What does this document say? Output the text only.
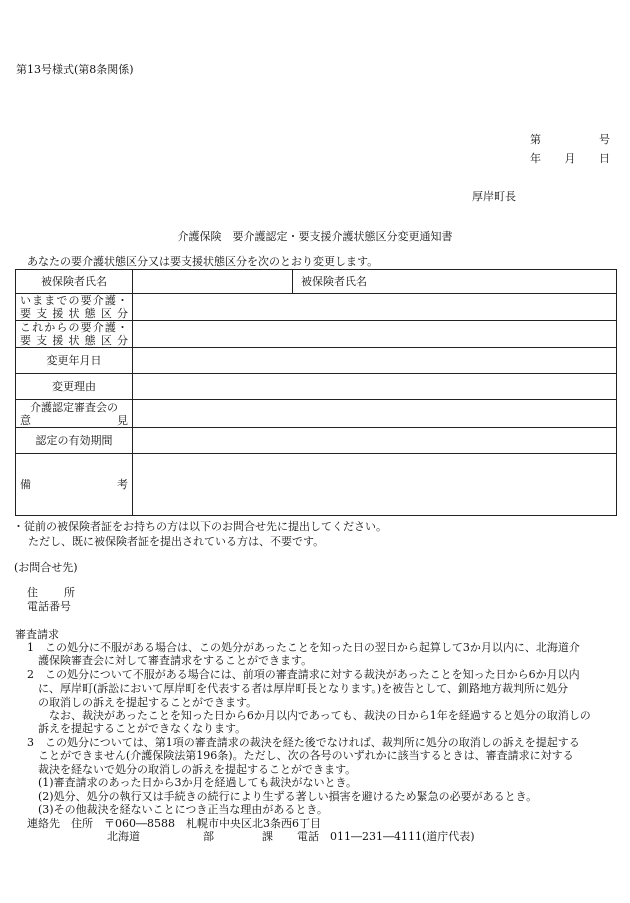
第13号様式(第8条関係)
第	号
年 月 日
厚岸町長
介護保険　要介護認定・要支援介護状態区分変更通知書
あなたの要介護状態区分又は要支援状態区分を次のとおり変更します。
被保険者氏名		被保険者氏名

いままでの要介護・
要支援状態区分		

これからの要介護・
要支援状態区分		

変更年月日		
変更理由		

介護認定審査会の
意 見		

認定の有効期間		

備 考		

・従前の被保険者証をお持ちの方は以下のお問合せ先に提出してください。
ただし、既に被保険者証を提出されている方は、不要です。
(お問合せ先)
住 所
電話番号
審査請求
1　この処分に不服がある場合は、この処分があったことを知った日の翌日から起算して3か月以内に、北海道介
護保険審査会に対して審査請求をすることができます。
2　この処分について不服がある場合には、前項の審査請求に対する裁決があったことを知った日から6か月以内
に、厚岸町(訴訟において厚岸町を代表する者は厚岸町長となります。)を被告として、釧路地方裁判所に処分
の取消しの訴えを提起することができます。
なお、裁決があったことを知った日から6か月以内であっても、裁決の日から1年を経過すると処分の取消しの
訴えを提起することができなくなります。
3　この処分については、第1項の審査請求の裁決を経た後でなければ、裁判所に処分の取消しの訴えを提起する
ことができません(介護保険法第196条)。ただし、次の各号のいずれかに該当するときは、審査請求に対する
裁決を経ないで処分の取消しの訴えを提起することができます。
(1)審査請求のあった日から3か月を経過しても裁決がないとき。
(2)処分、処分の執行又は手続きの続行により生ずる著しい損害を避けるため緊急の必要があるとき。
(3)その他裁決を経ないことにつき正当な理由があるとき。
連絡先　住所　〒060―8588　札幌市中央区北3条西6丁目
北海道	部	課 電話　011―231―4111(道庁代表)
